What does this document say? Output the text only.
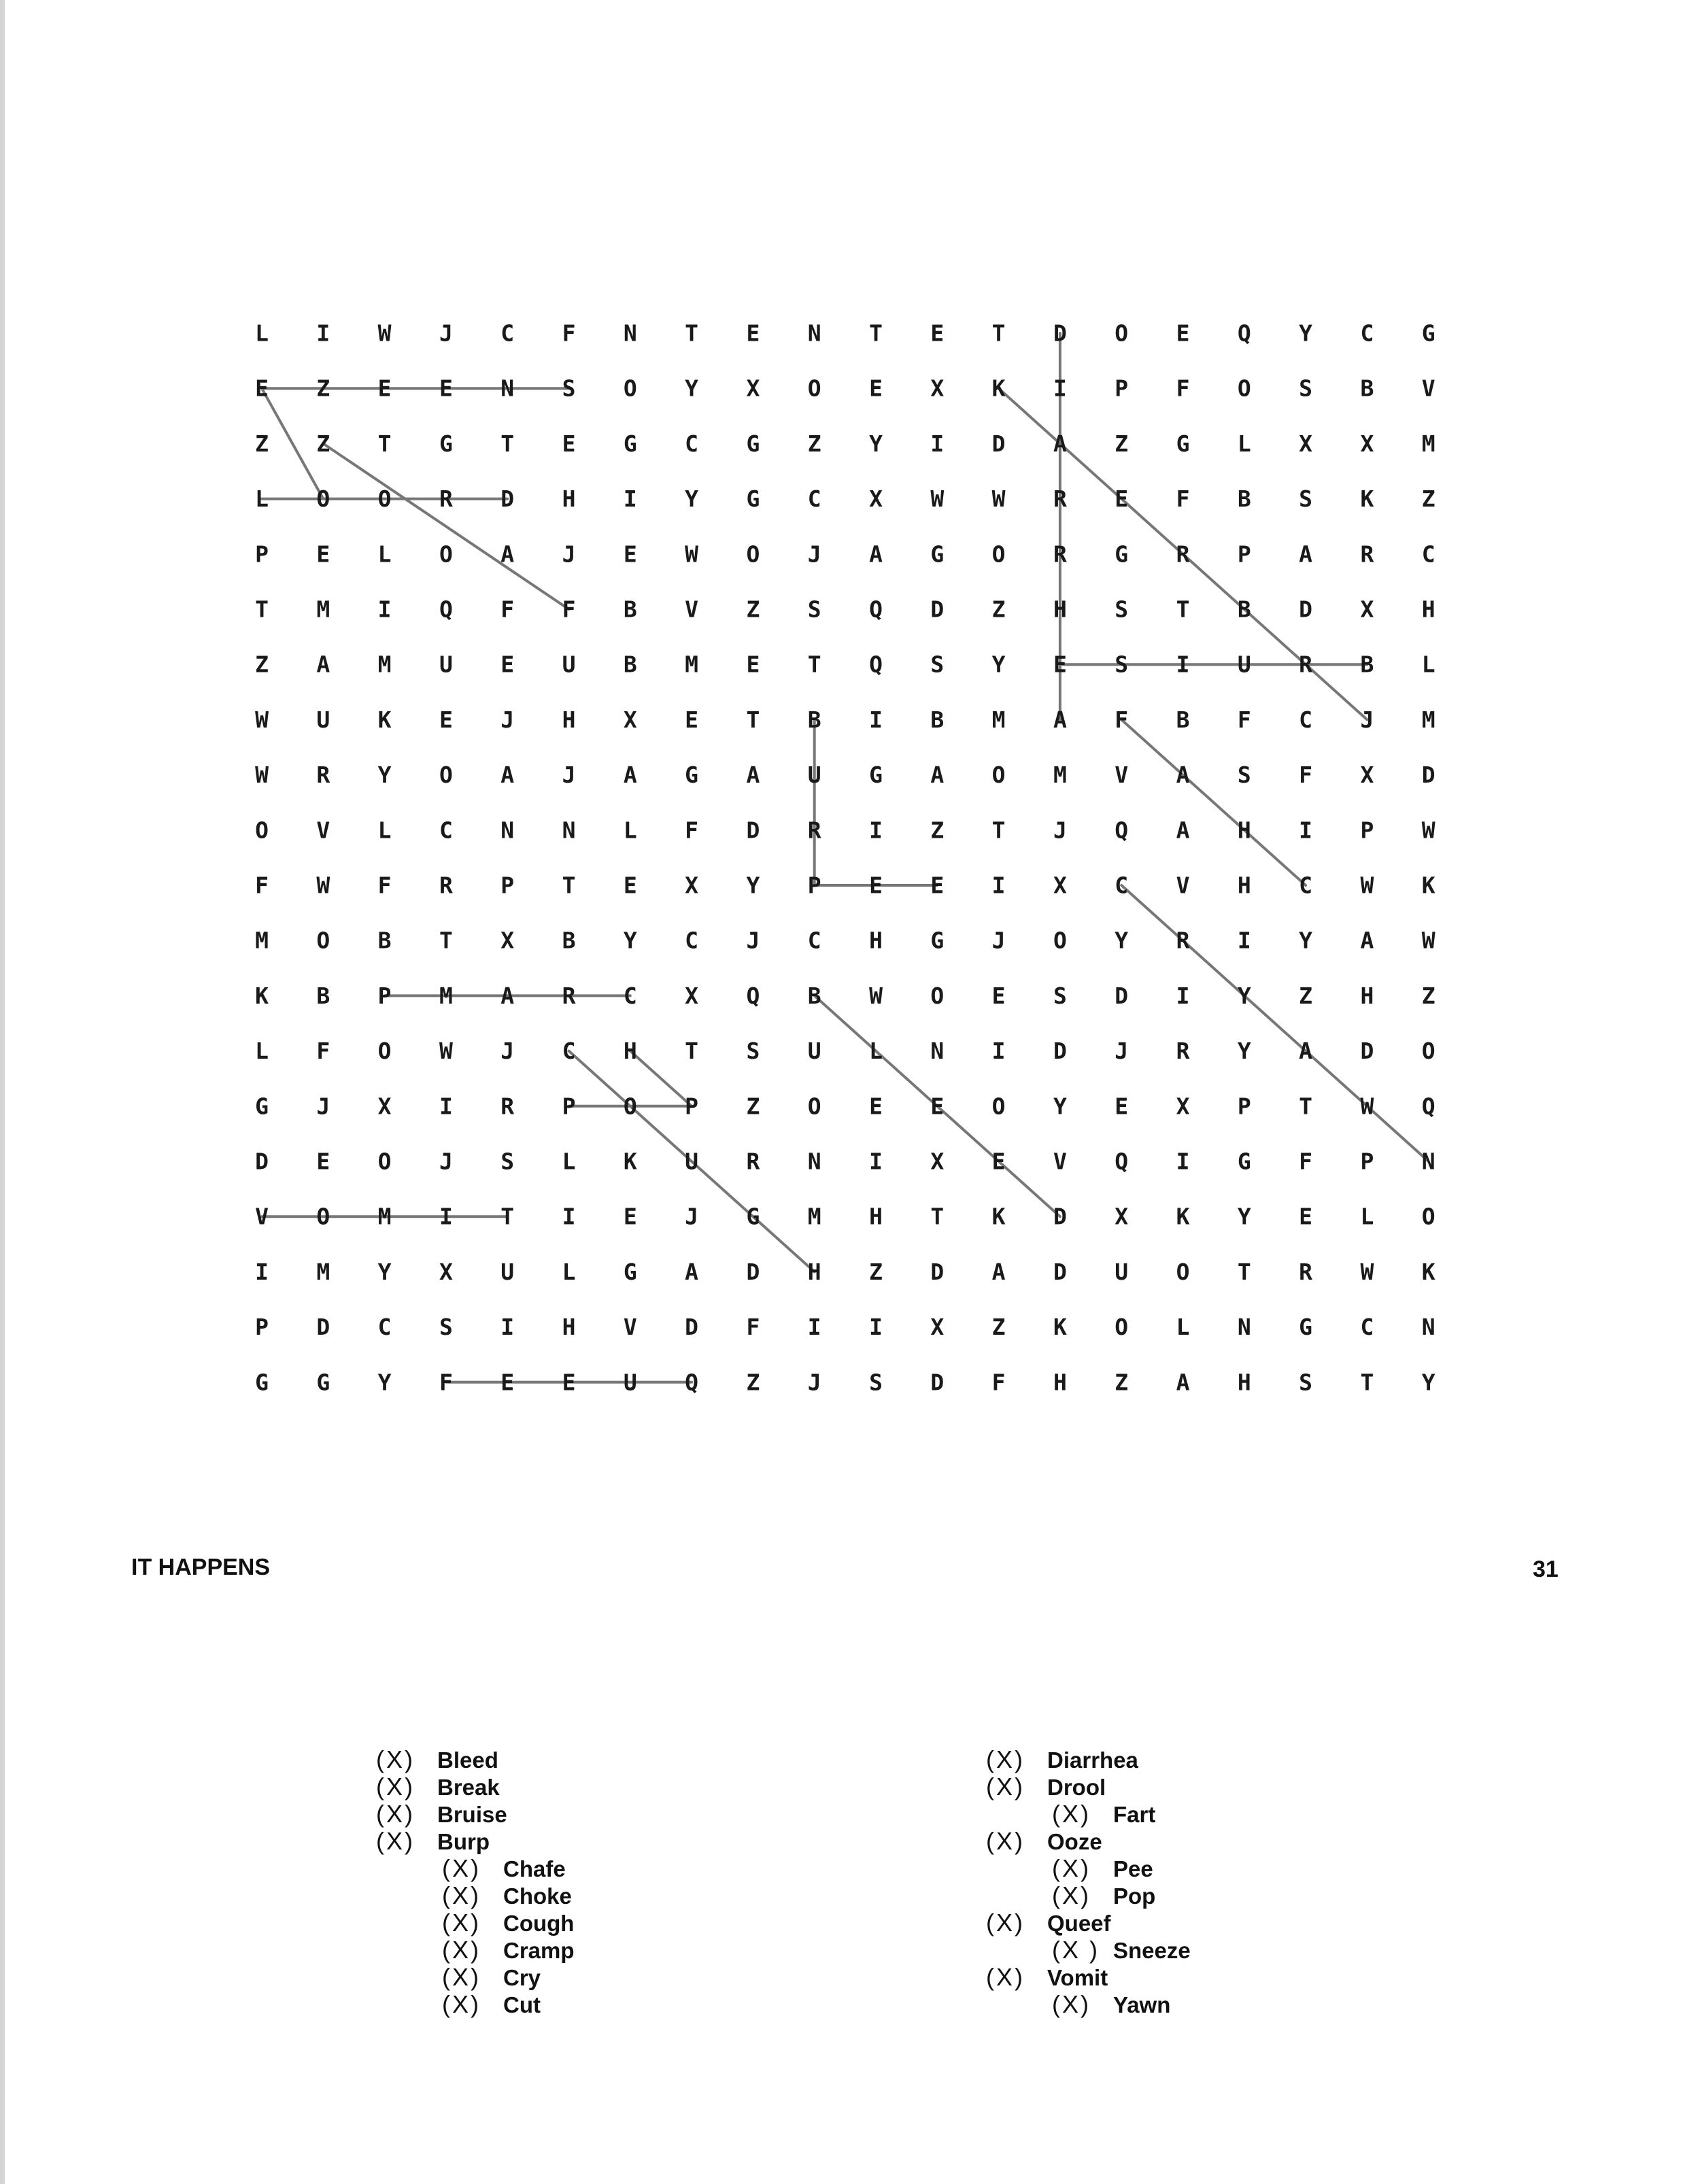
L I W J C F N T E N T E T D O E Q Y C G
E Z E E N S O Y X O E X K I P F O S B V
Z Z T G T E G C G Z Y I D A Z G L X X M
L O O R D H I Y G C X W W R E F B S K Z
P E L O A J E W O J A G O R G R P A R C
T M I Q F F B V Z S Q D Z H S T B D X H
Z A M U E U B M E T Q S Y E S I U R B L
W U K E J H X E T B I B M A F B F C J M
W R Y O A J A G A U G A O M V A S F X D
O V L C N N L F D R I Z T J Q A H I P W
F W F R P T E X Y P E E I X C V H C W K
M O B T X B Y C J C H G J O Y R I Y A W
K B P M A R C X Q B W O E S D I Y Z H Z
L F O W J C H T S U L N I D J R Y A D O
G J X I R P O P Z O E E O Y E X P T W Q
D E O J S L K U R N I X E V Q I G F P N
V O M I T I E J G M H T K D X K Y E L O
I M Y X U L G A D H Z D A D U O T R W K
P D C S I H V D F I I X Z K O L N G C N
G G Y F E E U Q Z J S D F H Z A H S T Y
IT HAPPENS	31
(X) Bleed
(X) Break
(X) Bruise
(X) Burp
(X) Chafe
(X) Choke
(X) Cough
(X) Cramp
(X) Cry
(X) Cut
(X) Diarrhea
(X) Drool
(X) Fart
(X) Ooze
(X) Pee
(X) Pop
(X) Queef
(X ) Sneeze
(X) Vomit
(X) Yawn
